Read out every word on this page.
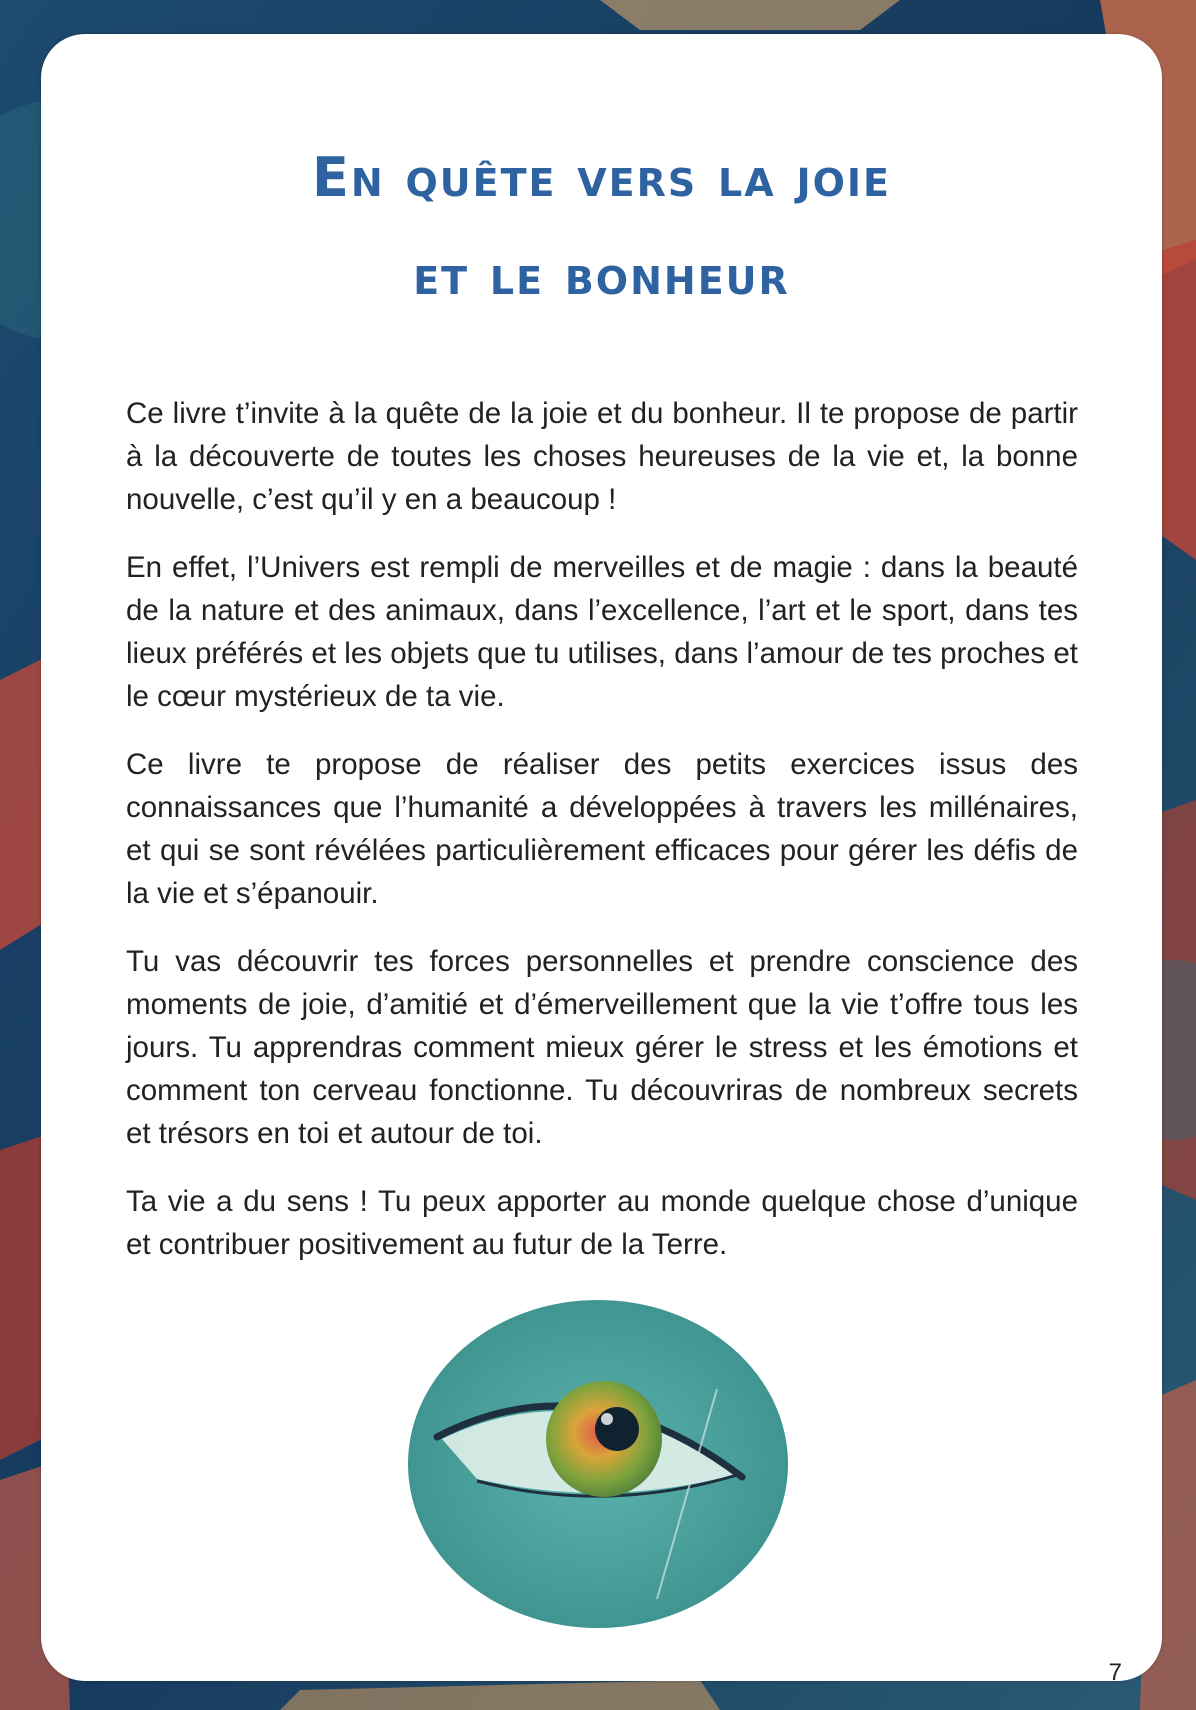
En quête vers la joie
et le bonheur

Ce livre t’invite à la quête de la joie et du bonheur. Il te propose de partir à la découverte de toutes les choses heureuses de la vie et, la bonne nouvelle, c’est qu’il y en a beaucoup !

En effet, l’Univers est rempli de merveilles et de magie : dans la beauté de la nature et des animaux, dans l’excellence, l’art et le sport, dans tes lieux préférés et les objets que tu utilises, dans l’amour de tes proches et le cœur mystérieux de ta vie.

Ce livre te propose de réaliser des petits exercices issus des connaissances que l’humanité a développées à travers les millénaires, et qui se sont révélées particulièrement efficaces pour gérer les défis de la vie et s’épanouir.

Tu vas découvrir tes forces personnelles et prendre conscience des moments de joie, d’amitié et d’émerveillement que la vie t’offre tous les jours. Tu apprendras comment mieux gérer le stress et les émotions et comment ton cerveau fonctionne. Tu découvriras de nombreux secrets et trésors en toi et autour de toi.

Ta vie a du sens ! Tu peux apporter au monde quelque chose d’unique et contribuer positivement au futur de la Terre.

7
